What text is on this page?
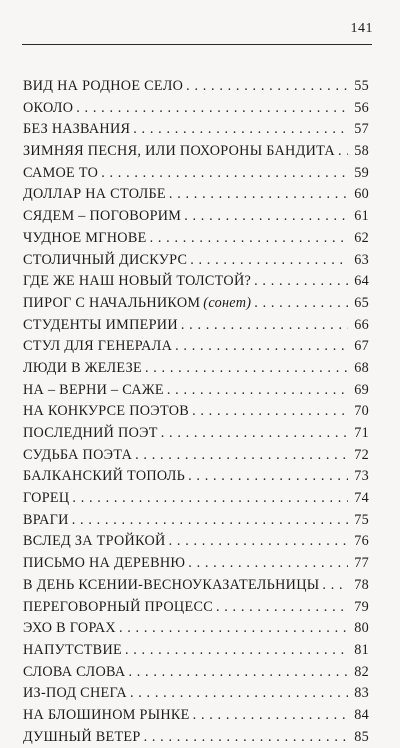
141
ВИД НА РОДНОЕ СЕЛО . . .	55
ОКОЛО . . .	56
БЕЗ НАЗВАНИЯ . . .	57
ЗИМНЯЯ ПЕСНЯ, ИЛИ ПОХОРОНЫ БАНДИТА . . . 58
САМОЕ ТО . . .	59
ДОЛЛАР НА СТОЛБЕ . . .	60
СЯДЕМ – ПОГОВОРИМ . . .	61
ЧУДНОЕ МГНОВЕ . . .	62
СТОЛИЧНЫЙ ДИСКУРС . . .	63
ГДЕ ЖЕ НАШ НОВЫЙ ТОЛСТОЙ? . . .	64
ПИРОГ С НАЧАЛЬНИКОМ (сонет) . . .	65
СТУДЕНТЫ ИМПЕРИИ . . .	66
СТУЛ ДЛЯ ГЕНЕРАЛА . . .	67
ЛЮДИ В ЖЕЛЕЗЕ . . .	68
НА – ВЕРНИ – САЖЕ . . .	69
НА КОНКУРСЕ ПОЭТОВ . . .	70
ПОСЛЕДНИЙ ПОЭТ . . .	71
СУДЬБА ПОЭТА . . .	72
БАЛКАНСКИЙ ТОПОЛЬ . . .	73
ГОРЕЦ . . .	74
ВРАГИ . . .	75
ВСЛЕД ЗА ТРОЙКОЙ . . .	76
ПИСЬМО НА ДЕРЕВНЮ . . .	77
В ДЕНЬ КСЕНИИ-ВЕСНОУКАЗАТЕЛЬНИЦЫ . . . 78
ПЕРЕГОВОРНЫЙ ПРОЦЕСС . . .	79
ЭХО В ГОРАХ . . .	80
НАПУТСТВИЕ . . .	81
СЛОВА СЛОВА . . .	82
ИЗ-ПОД СНЕГА . . .	83
НА БЛОШИНОМ РЫНКЕ . . .	84
ДУШНЫЙ ВЕТЕР . . .	85
